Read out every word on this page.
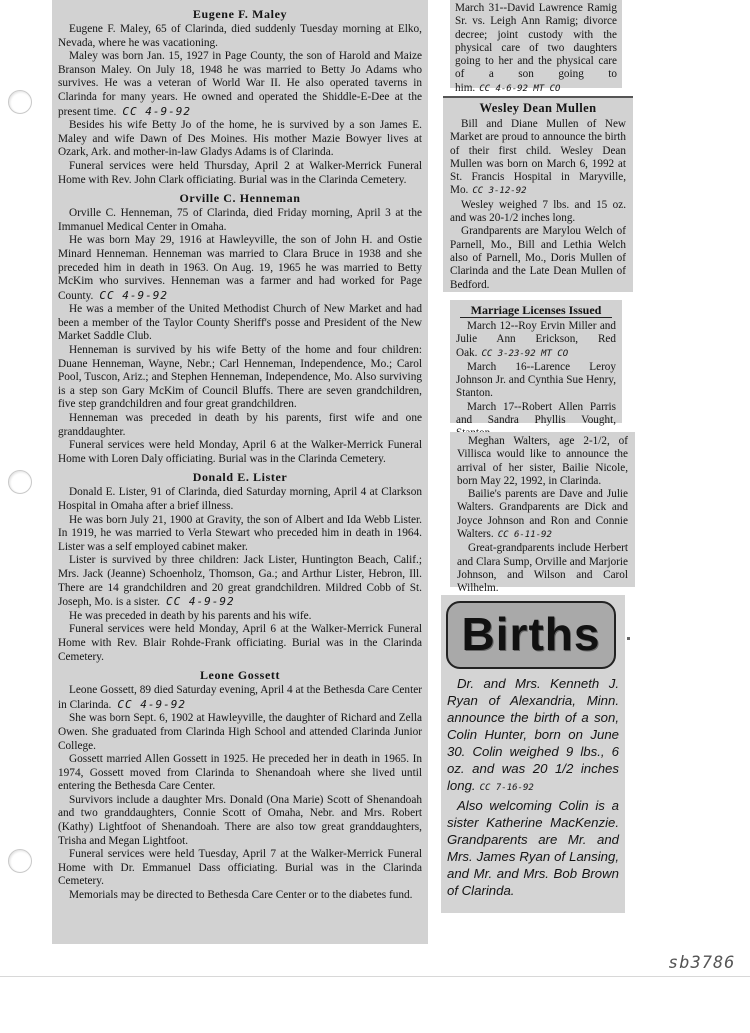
Eugene F. Maley

Eugene F. Maley, 65 of Clarinda, died suddenly Tuesday morning at Elko, Nevada, where he was vacationing.

Maley was born Jan. 15, 1927 in Page County, the son of Harold and Maize Branson Maley. On July 18, 1948 he was married to Betty Jo Adams who survives. He was a veteran of World War II. He also operated taverns in Clarinda for many years. He owned and operated the Shiddle-E-Dee at the present time. CC 4-9-92

Besides his wife Betty Jo of the home, he is survived by a son James E. Maley and wife Dawn of Des Moines. His mother Mazie Bowyer lives at Ozark, Ark. and mother-in-law Gladys Adams is of Clarinda.

Funeral services were held Thursday, April 2 at Walker-Merrick Funeral Home with Rev. John Clark officiating. Burial was in the Clarinda Cemetery.

Orville C. Henneman

Orville C. Henneman, 75 of Clarinda, died Friday morning, April 3 at the Immanuel Medical Center in Omaha.

He was born May 29, 1916 at Hawleyville, the son of John H. and Ostie Minard Henneman. Henneman was married to Clara Bruce in 1938 and she preceded him in death in 1963. On Aug. 19, 1965 he was married to Betty McKim who survives. Henneman was a farmer and had worked for Page County. CC 4-9-92

He was a member of the United Methodist Church of New Market and had been a member of the Taylor County Sheriff's posse and President of the New Market Saddle Club.

Henneman is survived by his wife Betty of the home and four children: Duane Henneman, Wayne, Nebr.; Carl Henneman, Independence, Mo.; Carol Pool, Tuscon, Ariz.; and Stephen Henneman, Independence, Mo. Also surviving is a step son Gary McKim of Council Bluffs. There are seven grandchildren, five step grandchildren and four great grandchildren.

Henneman was preceded in death by his parents, first wife and one granddaughter.

Funeral services were held Monday, April 6 at the Walker-Merrick Funeral Home with Loren Daly officiating. Burial was in the Clarinda Cemetery.

Donald E. Lister

Donald E. Lister, 91 of Clarinda, died Saturday morning, April 4 at Clarkson Hospital in Omaha after a brief illness.

He was born July 21, 1900 at Gravity, the son of Albert and Ida Webb Lister. In 1919, he was married to Verla Stewart who preceded him in death in 1964. Lister was a self employed cabinet maker.

Lister is survived by three children: Jack Lister, Huntington Beach, Calif.; Mrs. Jack (Jeanne) Schoenholz, Thomson, Ga.; and Arthur Lister, Hebron, Ill. There are 14 grandchildren and 20 great grandchildren. Mildred Cobb of St. Joseph, Mo. is a sister. CC 4-9-92

He was preceded in death by his parents and his wife.

Funeral services were held Monday, April 6 at the Walker-Merrick Funeral Home with Rev. Blair Rohde-Frank officiating. Burial was in the Clarinda Cemetery.

Leone Gossett

Leone Gossett, 89 died Saturday evening, April 4 at the Bethesda Care Center in Clarinda. CC 4-9-92

She was born Sept. 6, 1902 at Hawleyville, the daughter of Richard and Zella Owen. She graduated from Clarinda High School and attended Clarinda Junior College.

Gossett married Allen Gossett in 1925. He preceded her in death in 1965. In 1974, Gossett moved from Clarinda to Shenandoah where she lived until entering the Bethesda Care Center.

Survivors include a daughter Mrs. Donald (Ona Marie) Scott of Shenandoah and two granddaughters, Connie Scott of Omaha, Nebr. and Mrs. Robert (Kathy) Lightfoot of Shenandoah. There are also tow great granddaughters, Trisha and Megan Lightfoot.

Funeral services were held Tuesday, April 7 at the Walker-Merrick Funeral Home with Dr. Emmanuel Dass officiating. Burial was in the Clarinda Cemetery.

Memorials may be directed to Bethesda Care Center or to the diabetes fund.

March 31--David Lawrence Ramig Sr. vs. Leigh Ann Ramig; divorce decree; joint custody with the physical care of two daughters going to her and the physical care of a son going to him. CC 4-6-92 MT CO

Wesley Dean Mullen

Bill and Diane Mullen of New Market are proud to announce the birth of their first child. Wesley Dean Mullen was born on March 6, 1992 at St. Francis Hospital in Maryville, Mo. CC 3-12-92

Wesley weighed 7 lbs. and 15 oz. and was 20-1/2 inches long.

Grandparents are Marylou Welch of Parnell, Mo., Bill and Lethia Welch also of Parnell, Mo., Doris Mullen of Clarinda and the Late Dean Mullen of Bedford.

Marriage Licenses Issued

March 12--Roy Ervin Miller and Julie Ann Erickson, Red Oak. CC 3-23-92 MT CO

March 16--Larence Leroy Johnson Jr. and Cynthia Sue Henry, Stanton.

March 17--Robert Allen Parris and Sandra Phyllis Vought,

Meghan Walters, age 2-1/2, of Villisca would like to announce the arrival of her sister, Bailie Nicole, born May 22, 1992, in Clarinda.

Bailie's parents are Dave and Julie Walters. Grandparents are Dick and Joyce Johnson and Ron and Connie Walters. CC 6-11-92

Great-grandparents include Herbert and Clara Sump, Orville and Marjorie Johnson, and Wilson and Carol Wilhelm.

Births

Dr. and Mrs. Kenneth J. Ryan of Alexandria, Minn. announce the birth of a son, Colin Hunter, born on June 30. Colin weighed 9 lbs., 6 oz. and was 20 1/2 inches long. CC 7-16-92

Also welcoming Colin is a sister Katherine MacKenzie. Grandparents are Mr. and Mrs. James Ryan of Lansing, and Mr. and Mrs. Bob Brown of Clarinda.

sb3786
